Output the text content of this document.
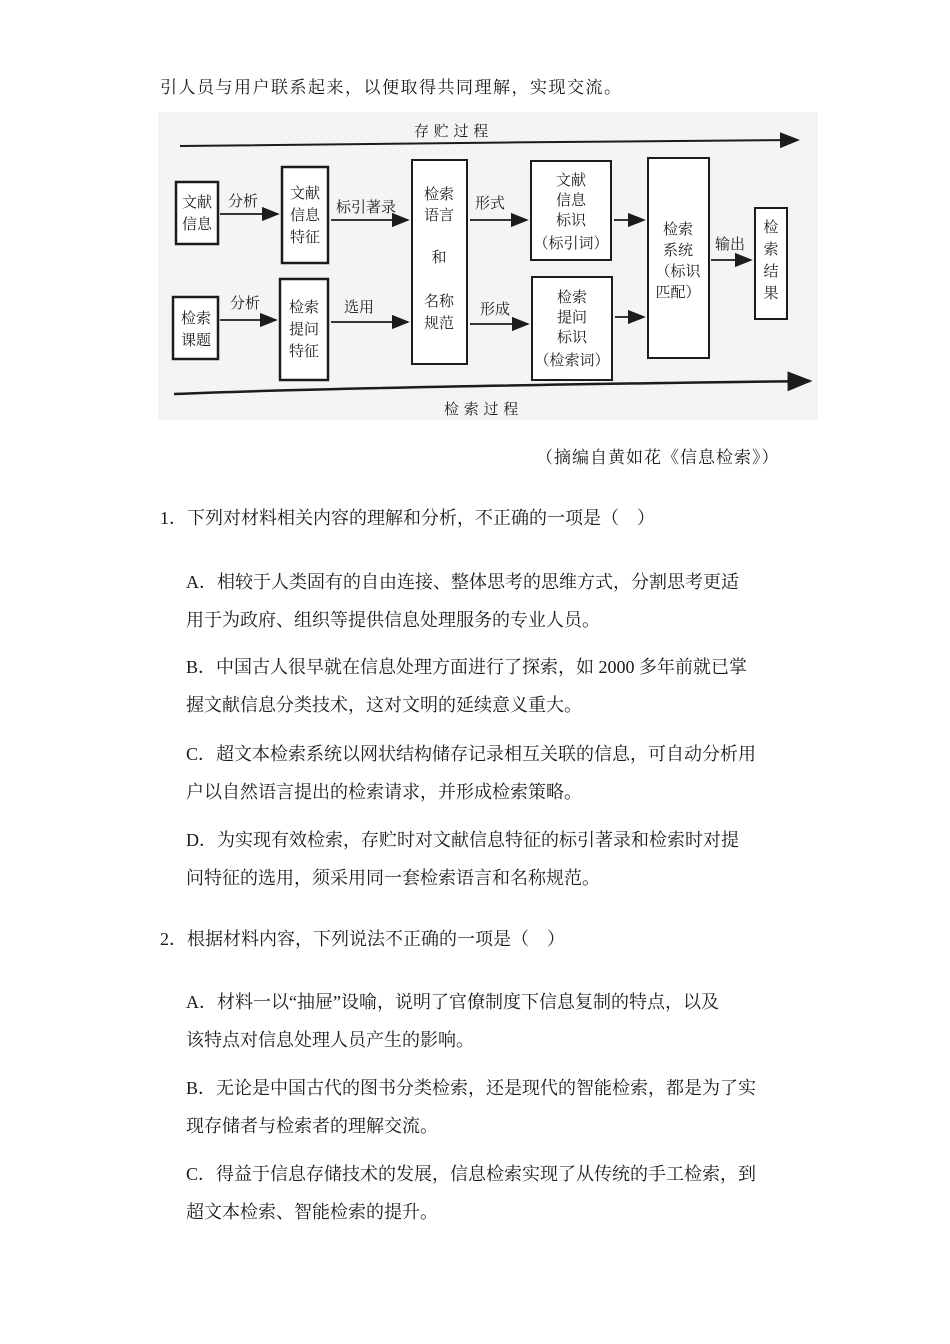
引人员与用户联系起来，以便取得共同理解，实现交流。
存 贮 过 程
文献
信息
文献
信息
特征
检索
语言
和
名称
规范
文献
信息
标识
（标引词）
检索
课题
检索
提问
特征
检索
提问
标识
（检索词）
检索
系统
（标识
匹配）
检
索
结
果
分析	标引著录	形式
分析	选用	形成
输出
检 索 过 程
（摘编自黄如花《信息检索》）
1．下列对材料相关内容的理解和分析，不正确的一项是（　）
A．相较于人类固有的自由连接、整体思考的思维方式，分割思考更适
用于为政府、组织等提供信息处理服务的专业人员。
B．中国古人很早就在信息处理方面进行了探索，如 2000 多年前就已掌
握文献信息分类技术，这对文明的延续意义重大。
C．超文本检索系统以网状结构储存记录相互关联的信息，可自动分析用
户以自然语言提出的检索请求，并形成检索策略。
D．为实现有效检索，存贮时对文献信息特征的标引著录和检索时对提
问特征的选用，须采用同一套检索语言和名称规范。
2．根据材料内容，下列说法不正确的一项是（　）
A．材料一以“抽屉”设喻，说明了官僚制度下信息复制的特点，以及
该特点对信息处理人员产生的影响。
B．无论是中国古代的图书分类检索，还是现代的智能检索，都是为了实
现存储者与检索者的理解交流。
C．得益于信息存储技术的发展，信息检索实现了从传统的手工检索，到
超文本检索、智能检索的提升。
